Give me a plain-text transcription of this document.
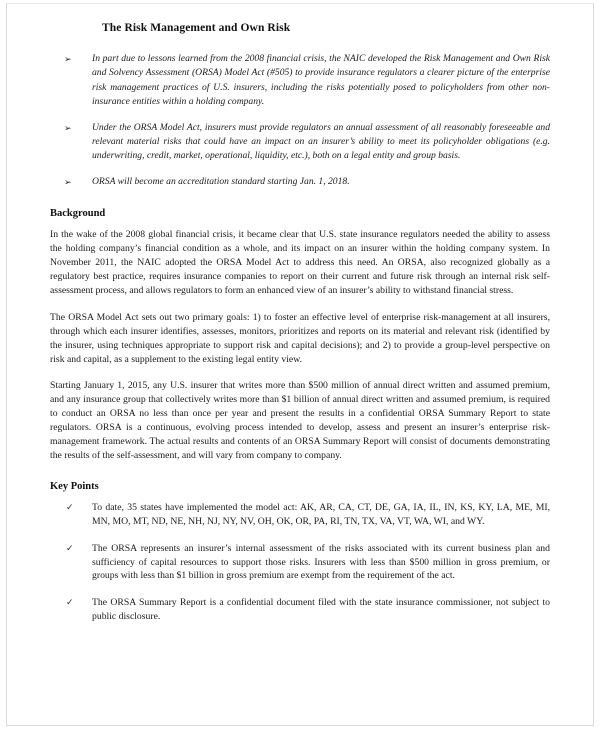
The Risk Management and Own Risk
➢ In part due to lessons learned from the 2008 financial crisis, the NAIC developed the Risk Management and Own Risk and Solvency Assessment (ORSA) Model Act (#505) to provide insurance regulators a clearer picture of the enterprise risk management practices of U.S. insurers, including the risks potentially posed to policyholders from other non-insurance entities within a holding company.
➢ Under the ORSA Model Act, insurers must provide regulators an annual assessment of all reasonably foreseeable and relevant material risks that could have an impact on an insurer’s ability to meet its policyholder obligations (e.g. underwriting, credit, market, operational, liquidity, etc.), both on a legal entity and group basis.
➢ ORSA will become an accreditation standard starting Jan. 1, 2018.
Background

In the wake of the 2008 global financial crisis, it became clear that U.S. state insurance regulators needed the ability to assess the holding company’s financial condition as a whole, and its impact on an insurer within the holding company system. In November 2011, the NAIC adopted the ORSA Model Act to address this need. An ORSA, also recognized globally as a regulatory best practice, requires insurance companies to report on their current and future risk through an internal risk self-assessment process, and allows regulators to form an enhanced view of an insurer’s ability to withstand financial stress.

The ORSA Model Act sets out two primary goals: 1) to foster an effective level of enterprise risk-management at all insurers, through which each insurer identifies, assesses, monitors, prioritizes and reports on its material and relevant risk (identified by the insurer, using techniques appropriate to support risk and capital decisions); and 2) to provide a group-level perspective on risk and capital, as a supplement to the existing legal entity view.

Starting January 1, 2015, any U.S. insurer that writes more than $500 million of annual direct written and assumed premium, and any insurance group that collectively writes more than $1 billion of annual direct written and assumed premium, is required to conduct an ORSA no less than once per year and present the results in a confidential ORSA Summary Report to state regulators. ORSA is a continuous, evolving process intended to develop, assess and present an insurer’s enterprise risk-management framework. The actual results and contents of an ORSA Summary Report will consist of documents demonstrating the results of the self-assessment, and will vary from company to company.

Key Points
✓ To date, 35 states have implemented the model act: AK, AR, CA, CT, DE, GA, IA, IL, IN, KS, KY, LA, ME, MI, MN, MO, MT, ND, NE, NH, NJ, NY, NV, OH, OK, OR, PA, RI, TN, TX, VA, VT, WA, WI, and WY.
✓ The ORSA represents an insurer’s internal assessment of the risks associated with its current business plan and sufficiency of capital resources to support those risks. Insurers with less than $500 million in gross premium, or groups with less than $1 billion in gross premium are exempt from the requirement of the act.
✓ The ORSA Summary Report is a confidential document filed with the state insurance commissioner, not subject to public disclosure.
